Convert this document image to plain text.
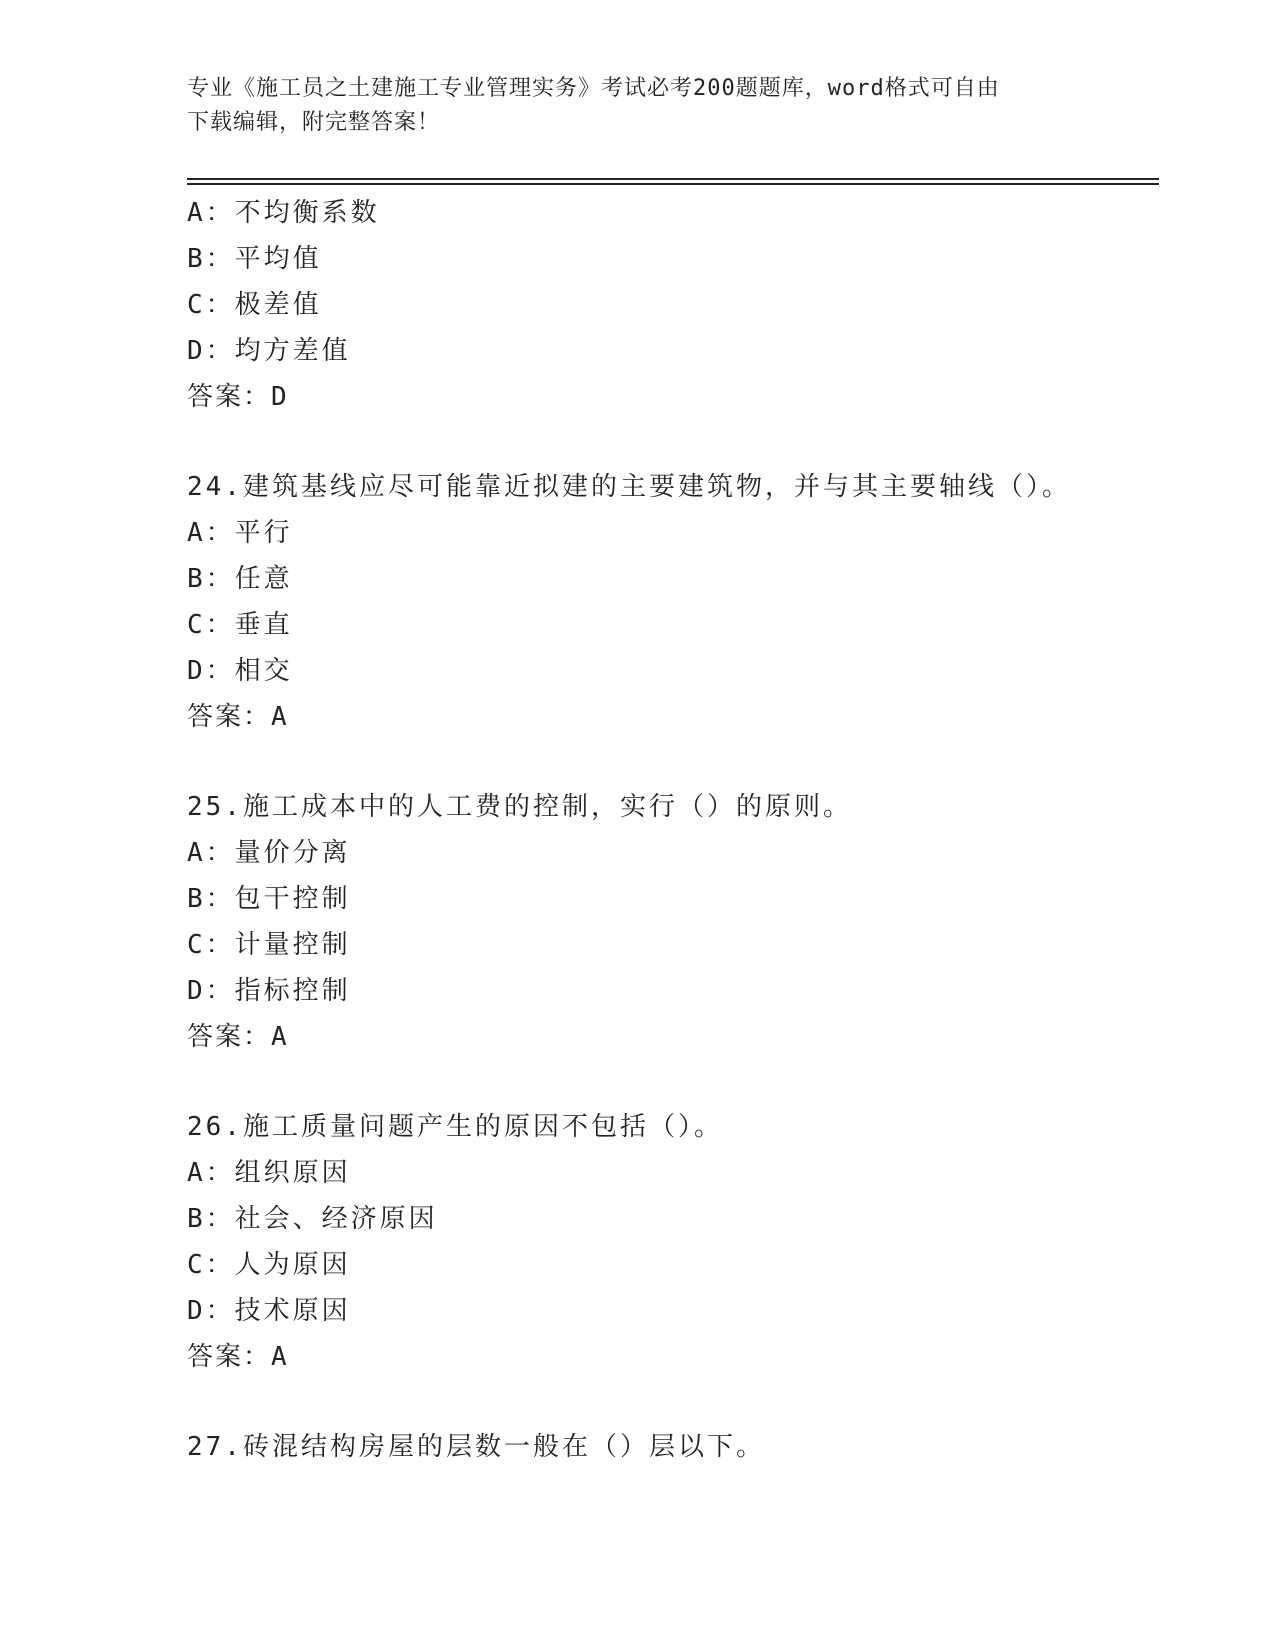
专业《施工员之土建施工专业管理实务》考试必考200题题库，word格式可自由
下载编辑，附完整答案！
A：不均衡系数
B：平均值
C：极差值
D：均方差值
答案：D
24.建筑基线应尽可能靠近拟建的主要建筑物，并与其主要轴线（）。
A：平行
B：任意
C：垂直
D：相交
答案：A
25.施工成本中的人工费的控制，实行（）的原则。
A：量价分离
B：包干控制
C：计量控制
D：指标控制
答案：A
26.施工质量问题产生的原因不包括（）。
A：组织原因
B：社会、经济原因
C：人为原因
D：技术原因
答案：A
27.砖混结构房屋的层数一般在（）层以下。
